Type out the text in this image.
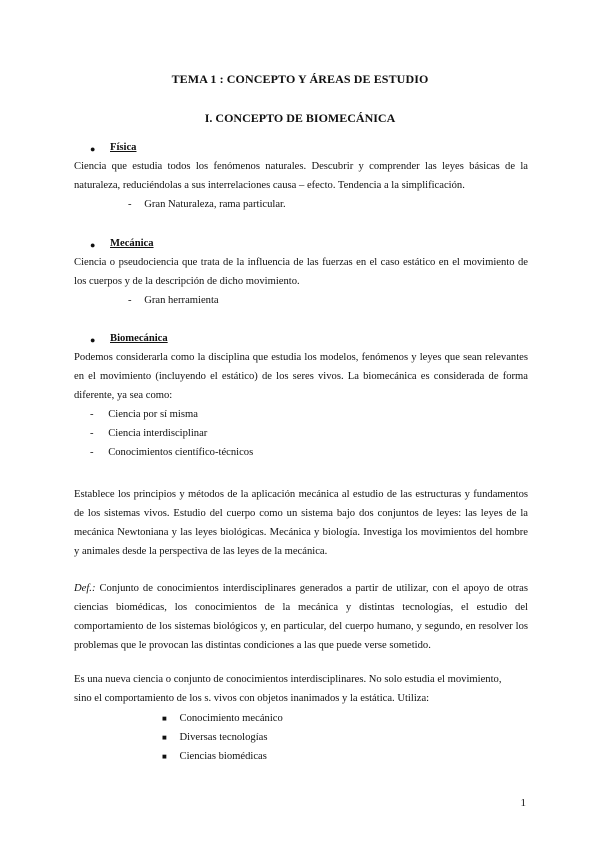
TEMA 1 : CONCEPTO Y ÁREAS DE ESTUDIO
I. CONCEPTO DE BIOMECÁNICA
● Física
Ciencia que estudia todos los fenómenos naturales. Descubrir y comprender las leyes básicas de la naturaleza, reduciéndolas a sus interrelaciones causa – efecto. Tendencia a la simplificación.
- Gran Naturaleza, rama particular.
● Mecánica
Ciencia o pseudociencia que trata de la influencia de las fuerzas en el caso estático en el movimiento de los cuerpos y de la descripción de dicho movimiento.
- Gran herramienta
● Biomecánica
Podemos considerarla como la disciplina que estudia los modelos, fenómenos y leyes que sean relevantes en el movimiento (incluyendo el estático) de los seres vivos. La biomecánica es considerada de forma diferente, ya sea como:
- Ciencia por sí misma
- Ciencia interdisciplinar
- Conocimientos científico-técnicos
Establece los principios y métodos de la aplicación mecánica al estudio de las estructuras y fundamentos de los sistemas vivos. Estudio del cuerpo como un sistema bajo dos conjuntos de leyes: las leyes de la mecánica Newtoniana y las leyes biológicas. Mecánica y biología. Investiga los movimientos del hombre y animales desde la perspectiva de las leyes de la mecánica.
Def.: Conjunto de conocimientos interdisciplinares generados a partir de utilizar, con el apoyo de otras ciencias biomédicas, los conocimientos de la mecánica y distintas tecnologías, el estudio del comportamiento de los sistemas biológicos y, en particular, del cuerpo humano, y segundo, en resolver los problemas que le provocan las distintas condiciones a las que puede verse sometido.
Es una nueva ciencia o conjunto de conocimientos interdisciplinares. No solo estudia el movimiento,
sino el comportamiento de los s. vivos con objetos inanimados y la estática. Utiliza:
■ Conocimiento mecánico
■ Diversas tecnologías
■ Ciencias biomédicas
1
